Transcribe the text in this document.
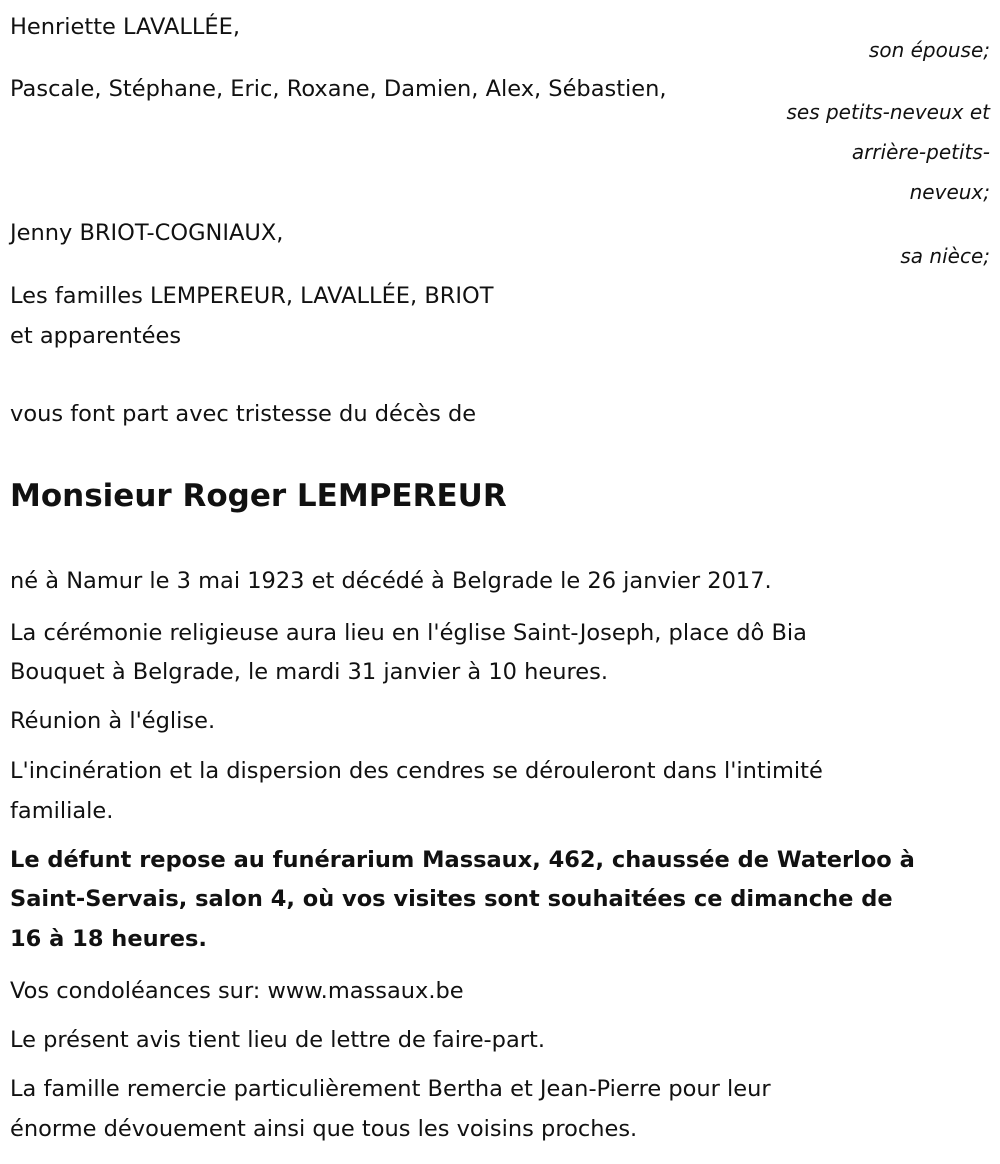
Henriette LAVALLÉE,
son épouse;
Pascale, Stéphane, Eric, Roxane, Damien, Alex, Sébastien,
ses petits-neveux et
arrière-petits-
neveux;
Jenny BRIOT-COGNIAUX,
sa nièce;
Les familles LEMPEREUR, LAVALLÉE, BRIOT
et apparentées
vous font part avec tristesse du décès de
Monsieur Roger LEMPEREUR
né à Namur le 3 mai 1923 et décédé à Belgrade le 26 janvier 2017.
La cérémonie religieuse aura lieu en l'église Saint-Joseph, place dô Bia
Bouquet à Belgrade, le mardi 31 janvier à 10 heures.
Réunion à l'église.
L'incinération et la dispersion des cendres se dérouleront dans l'intimité
familiale.
Le défunt repose au funérarium Massaux, 462, chaussée de Waterloo à
Saint-Servais, salon 4, où vos visites sont souhaitées ce dimanche de
16 à 18 heures.
Vos condoléances sur: www.massaux.be
Le présent avis tient lieu de lettre de faire-part.
La famille remercie particulièrement Bertha et Jean-Pierre pour leur
énorme dévouement ainsi que tous les voisins proches.
